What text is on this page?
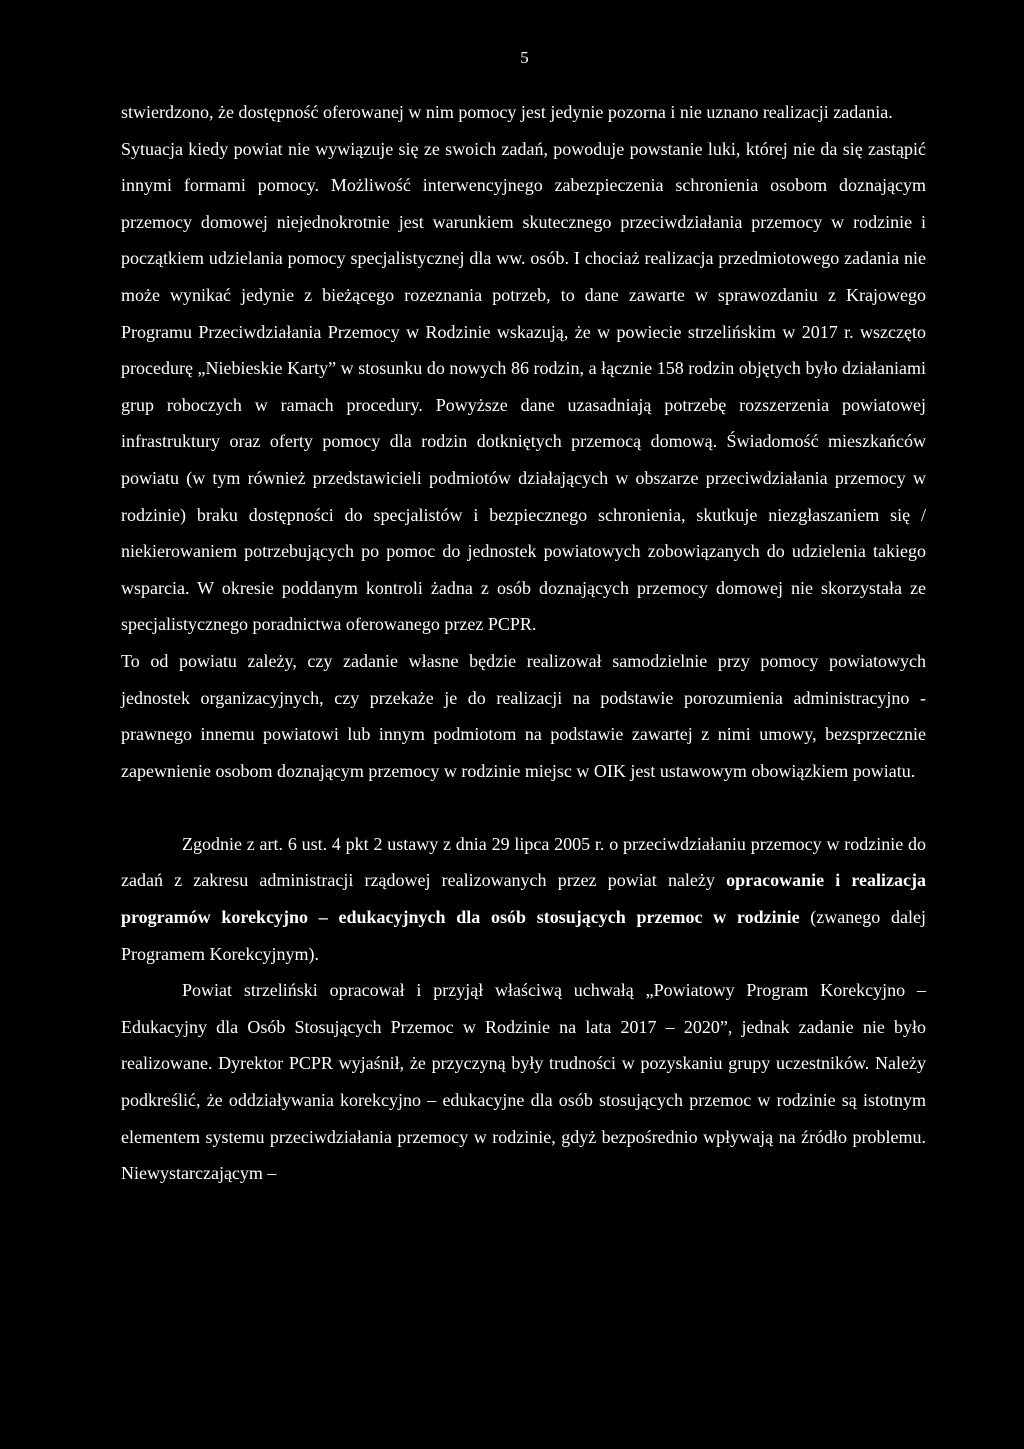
5

stwierdzono, że dostępność oferowanej w nim pomocy jest jedynie pozorna i nie uznano realizacji zadania.

Sytuacja kiedy powiat nie wywiązuje się ze swoich zadań, powoduje powstanie luki, której nie da się zastąpić innymi formami pomocy. Możliwość interwencyjnego zabezpieczenia schronienia osobom doznającym przemocy domowej niejednokrotnie jest warunkiem skutecznego przeciwdziałania przemocy w rodzinie i początkiem udzielania pomocy specjalistycznej dla ww. osób. I chociaż realizacja przedmiotowego zadania nie może wynikać jedynie z bieżącego rozeznania potrzeb, to dane zawarte w sprawozdaniu z Krajowego Programu Przeciwdziałania Przemocy w Rodzinie wskazują, że w powiecie strzelińskim w 2017 r. wszczęto procedurę „Niebieskie Karty” w stosunku do nowych 86 rodzin, a łącznie 158 rodzin objętych było działaniami grup roboczych w ramach procedury. Powyższe dane uzasadniają potrzebę rozszerzenia powiatowej infrastruktury oraz oferty pomocy dla rodzin dotkniętych przemocą domową. Świadomość mieszkańców powiatu (w tym również przedstawicieli podmiotów działających w obszarze przeciwdziałania przemocy w rodzinie) braku dostępności do specjalistów i bezpiecznego schronienia, skutkuje niezgłaszaniem się / niekierowaniem potrzebujących po pomoc do jednostek powiatowych zobowiązanych do udzielenia takiego wsparcia. W okresie poddanym kontroli żadna z osób doznających przemocy domowej nie skorzystała ze specjalistycznego poradnictwa oferowanego przez PCPR.

To od powiatu zależy, czy zadanie własne będzie realizował samodzielnie przy pomocy powiatowych jednostek organizacyjnych, czy przekaże je do realizacji na podstawie porozumienia administracyjno - prawnego innemu powiatowi lub innym podmiotom na podstawie zawartej z nimi umowy, bezsprzecznie zapewnienie osobom doznającym przemocy w rodzinie miejsc w OIK jest ustawowym obowiązkiem powiatu.

Zgodnie z art. 6 ust. 4 pkt 2 ustawy z dnia 29 lipca 2005 r. o przeciwdziałaniu przemocy w rodzinie do zadań z zakresu administracji rządowej realizowanych przez powiat należy opracowanie i realizacja programów korekcyjno – edukacyjnych dla osób stosujących przemoc w rodzinie (zwanego dalej Programem Korekcyjnym).

Powiat strzeliński opracował i przyjął właściwą uchwałą „Powiatowy Program Korekcyjno – Edukacyjny dla Osób Stosujących Przemoc w Rodzinie na lata 2017 – 2020”, jednak zadanie nie było realizowane. Dyrektor PCPR wyjaśnił, że przyczyną były trudności w pozyskaniu grupy uczestników. Należy podkreślić, że oddziaływania korekcyjno – edukacyjne dla osób stosujących przemoc w rodzinie są istotnym elementem systemu przeciwdziałania przemocy w rodzinie, gdyż bezpośrednio wpływają na źródło problemu. Niewystarczającym –
